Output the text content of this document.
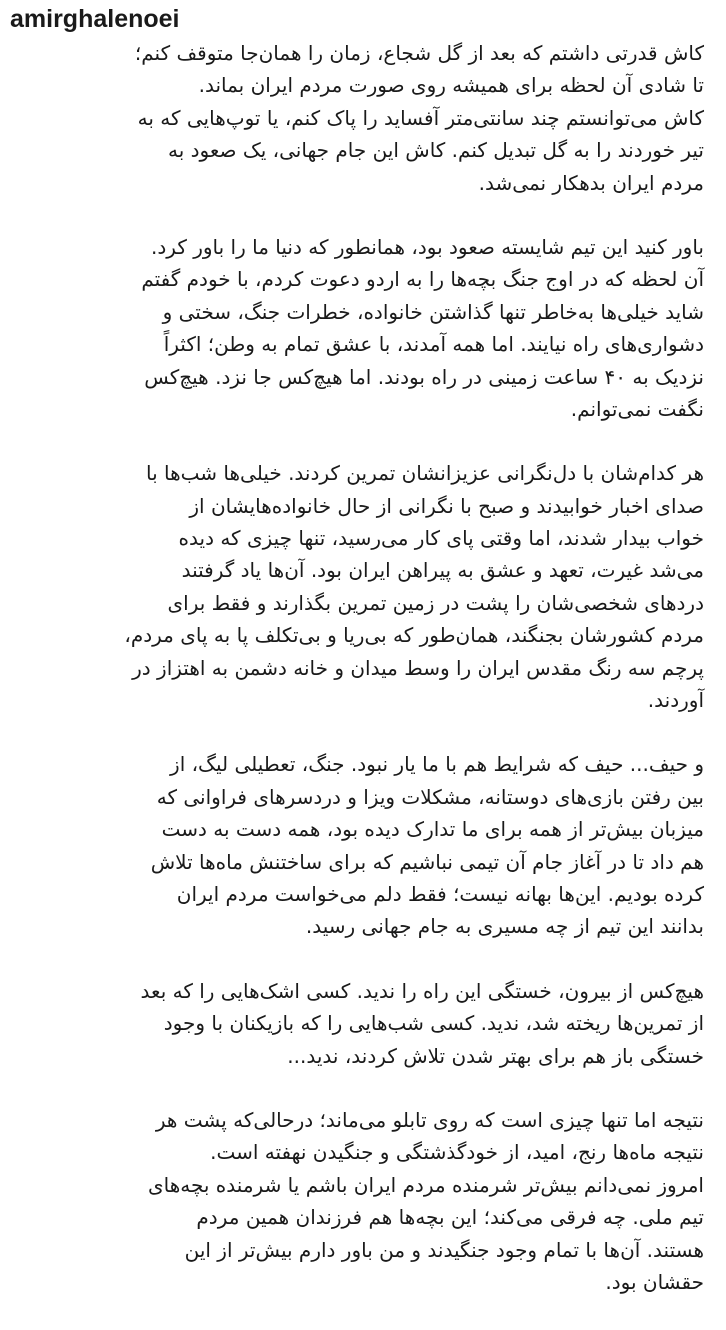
amirghalenoei

کاش قدرتی داشتم که بعد از گل شجاع، زمان را همان‌جا متوقف کنم؛
تا شادی آن لحظه برای همیشه روی صورت مردم ایران بماند.
کاش می‌توانستم چند سانتی‌متر آفساید را پاک کنم، یا توپ‌هایی که به
تیر خوردند را به گل تبدیل کنم. کاش این جام جهانی، یک صعود به
مردم ایران بدهکار نمی‌شد.

باور کنید این تیم شایسته صعود بود، همانطور که دنیا ما را باور کرد.
آن لحظه که در اوج جنگ بچه‌ها را به اردو دعوت کردم، با خودم گفتم
شاید خیلی‌ها به‌خاطر تنها گذاشتن خانواده، خطرات جنگ، سختی و
دشواری‌های راه نیایند. اما همه آمدند، با عشق تمام به وطن؛ اکثراً
نزدیک به ۴۰ ساعت زمینی در راه بودند. اما هیچ‌کس جا نزد. هیچ‌کس
نگفت نمی‌توانم.

هر کدام‌شان با دل‌نگرانی عزیزانشان تمرین کردند. خیلی‌ها شب‌ها با
صدای اخبار خوابیدند و صبح با نگرانی از حال خانواده‌هایشان از
خواب بیدار شدند، اما وقتی پای کار می‌رسید، تنها چیزی که دیده
می‌شد غیرت، تعهد و عشق به پیراهن ایران بود. آن‌ها یاد گرفتند
دردهای شخصی‌شان را پشت در زمین تمرین بگذارند و فقط برای
مردم کشورشان بجنگند، همان‌طور که بی‌ریا و بی‌تکلف پا به پای مردم،
پرچم سه رنگ مقدس ایران را وسط میدان و خانه دشمن به اهتزاز در
آوردند.

و حیف... حیف که شرایط هم با ما یار نبود. جنگ، تعطیلی لیگ، از
بین رفتن بازی‌های دوستانه، مشکلات ویزا و دردسرهای فراوانی که
میزبان بیش‌تر از همه برای ما تدارک دیده بود، همه دست به دست
هم داد تا در آغاز جام آن تیمی نباشیم که برای ساختنش ماه‌ها تلاش
کرده بودیم. این‌ها بهانه نیست؛ فقط دلم می‌خواست مردم ایران
بدانند این تیم از چه مسیری به جام جهانی رسید.

هیچ‌کس از بیرون، خستگی این راه را ندید. کسی اشک‌هایی را که بعد
از تمرین‌ها ریخته شد، ندید. کسی شب‌هایی را که بازیکنان با وجود
خستگی باز هم برای بهتر شدن تلاش کردند، ندید...

نتیجه اما تنها چیزی است که روی تابلو می‌ماند؛ درحالی‌که پشت هر
نتیجه ماه‌ها رنج، امید، از خودگذشتگی و جنگیدن نهفته است.
امروز نمی‌دانم بیش‌تر شرمنده مردم ایران باشم یا شرمنده بچه‌های
تیم ملی. چه فرقی می‌کند؛ این بچه‌ها هم فرزندان همین مردم
هستند. آن‌ها با تمام وجود جنگیدند و من باور دارم بیش‌تر از این
حقشان بود.
